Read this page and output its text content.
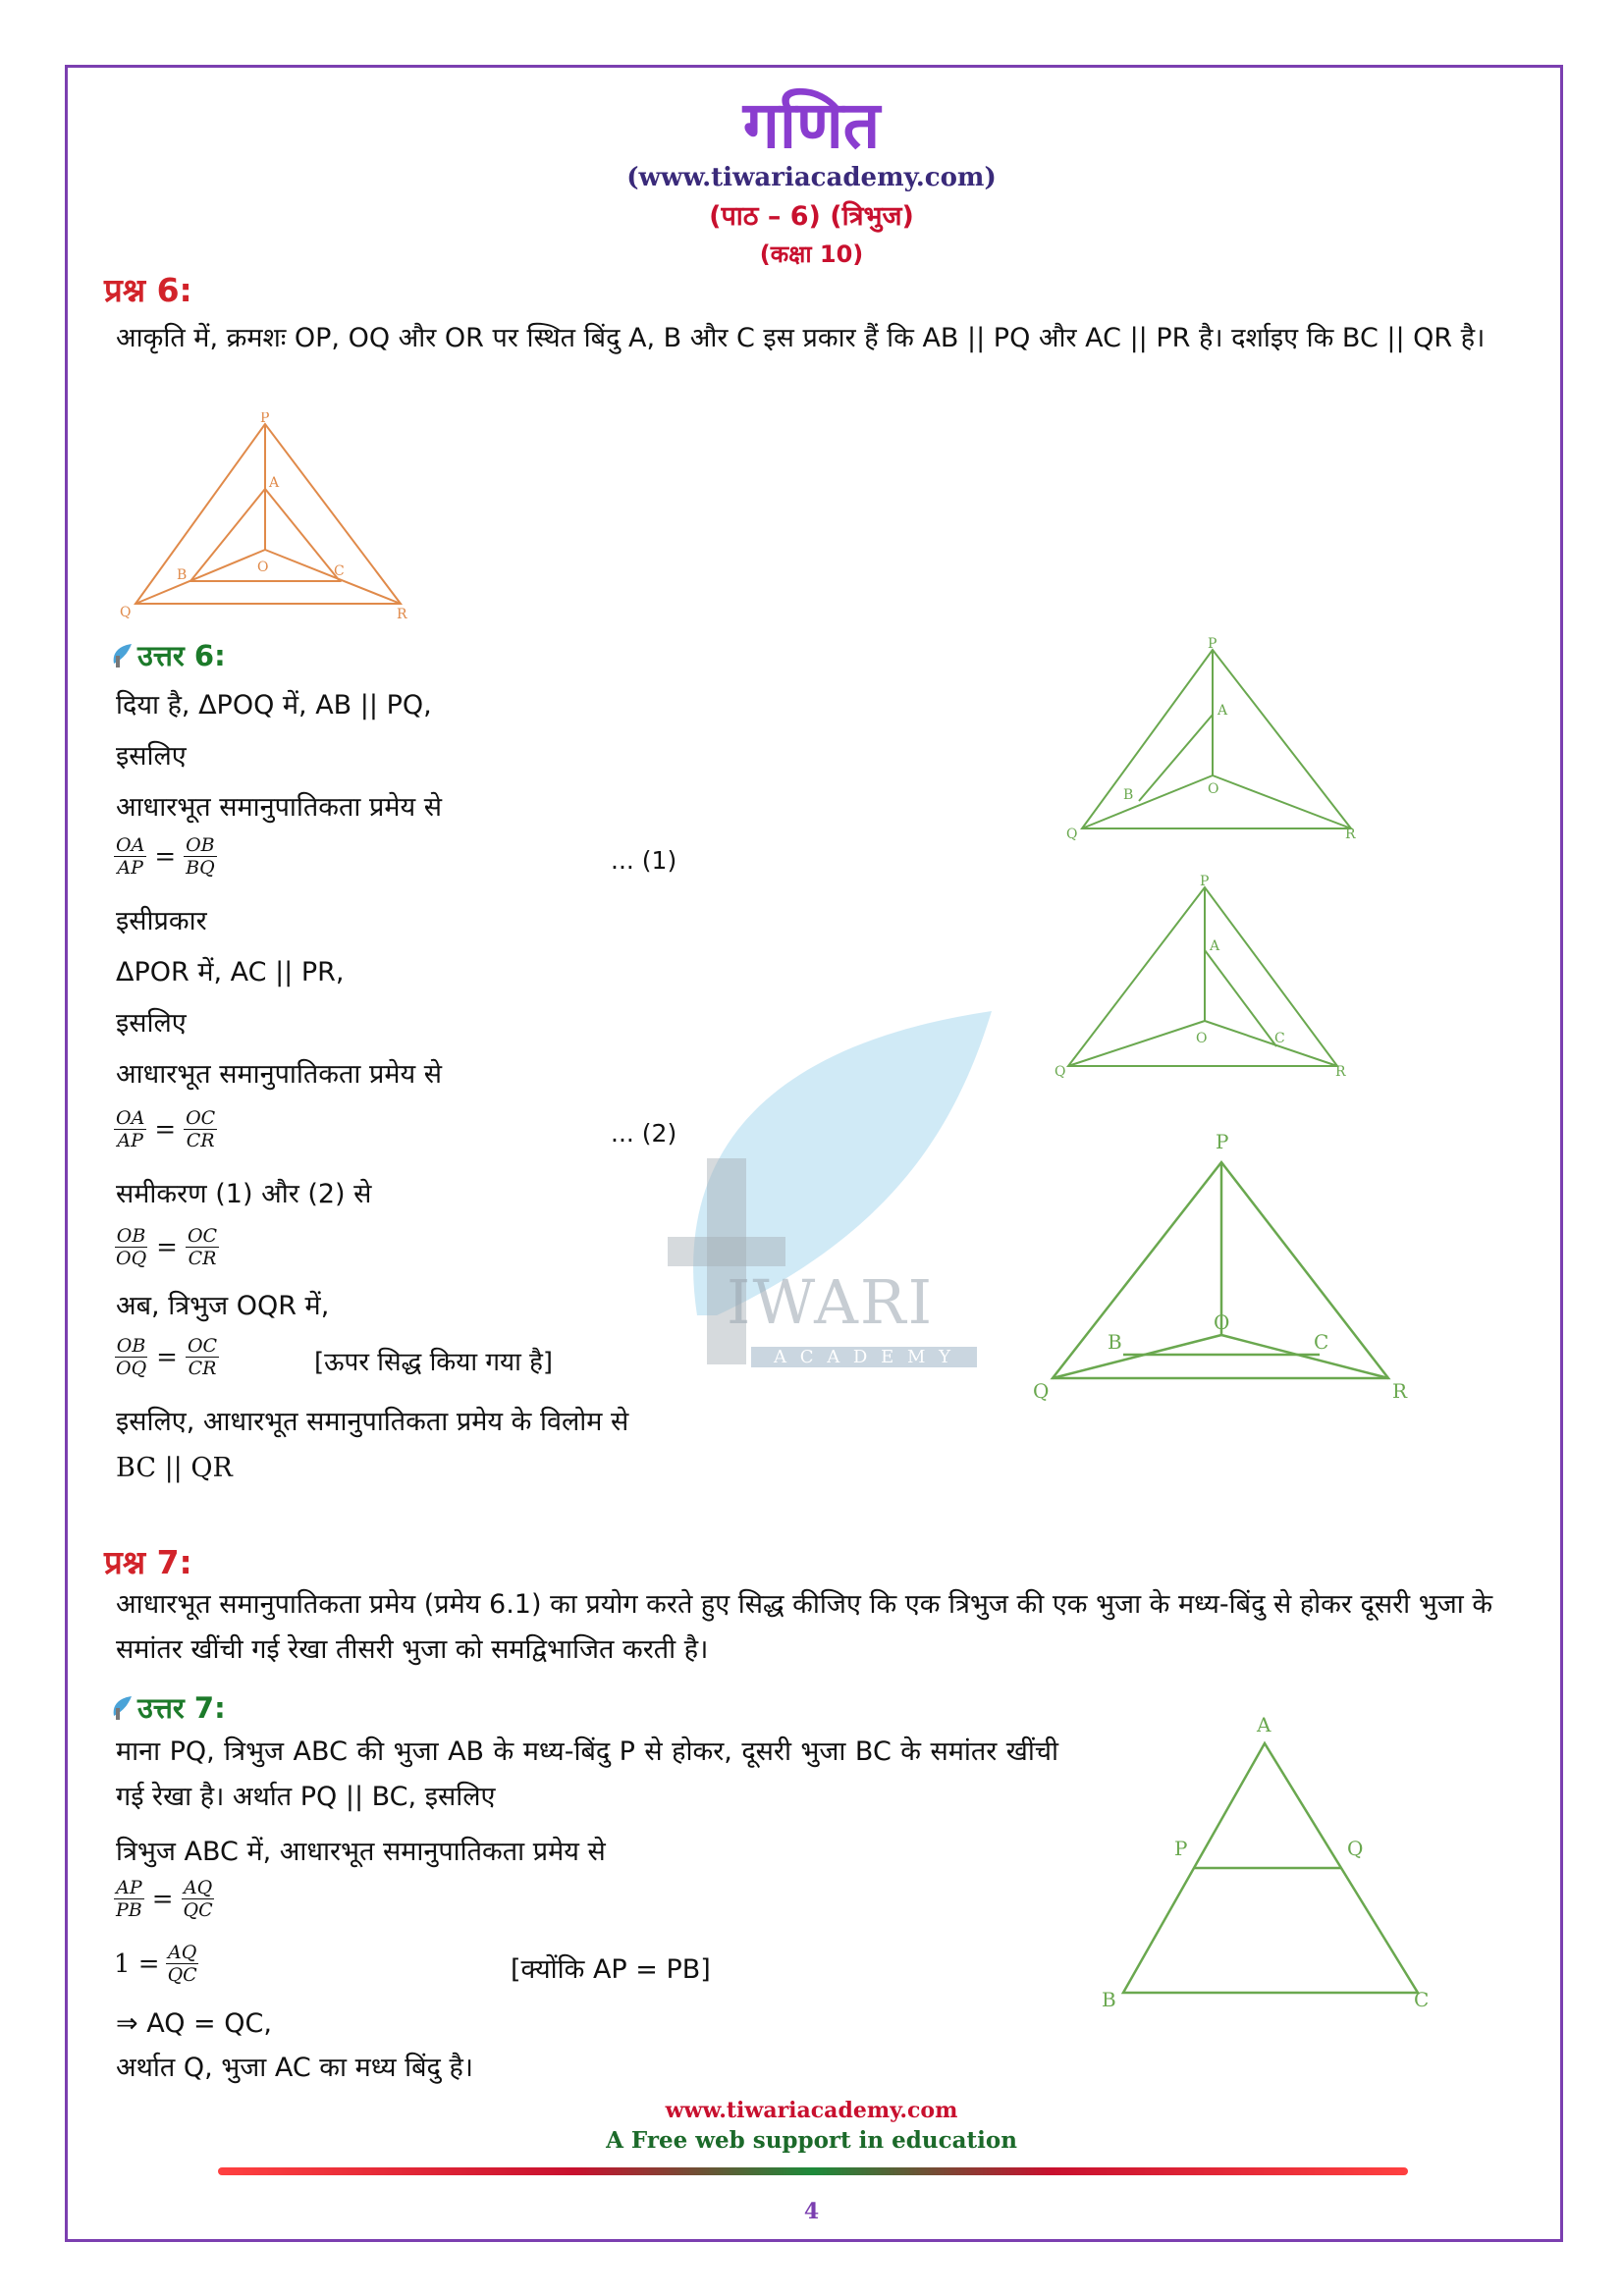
IWARI
A C A D E M Y
गणित
(www.tiwariacademy.com)
(पाठ – 6) (त्रिभुज)
(कक्षा 10)
प्रश्न 6:
आकृति में, क्रमशः OP, OQ और OR पर स्थित बिंदु A, B और C इस प्रकार हैं कि AB || PQ और AC || PR है। दर्शाइए कि BC || QR है।
P
A
B	O	C
Q	R
उत्तर 6:
दिया है, ΔPOQ में, AB || PQ,
इसलिए
आधारभूत समानुपातिकता प्रमेय से
$\frac{OA}{AP} = \frac{OB}{BQ}$	... (1)
इसीप्रकार
ΔPOR में, AC || PR,
इसलिए
आधारभूत समानुपातिकता प्रमेय से
$\frac{OA}{AP} = \frac{OC}{CR}$	... (2)
समीकरण (1) और (2) से
$\frac{OB}{OQ} = \frac{OC}{CR}$
अब, त्रिभुज OQR में,
$\frac{OB}{OQ} = \frac{OC}{CR}$	[ऊपर सिद्ध किया गया है]
इसलिए, आधारभूत समानुपातिकता प्रमेय के विलोम से
BC || QR
P
A
B	O
Q	R
P
A
O	C
Q	R
P
B
O
C
Q	R
प्रश्न 7:
आधारभूत समानुपातिकता प्रमेय (प्रमेय 6.1) का प्रयोग करते हुए सिद्ध कीजिए कि एक त्रिभुज की एक भुजा के मध्य-बिंदु से होकर दूसरी भुजा के समांतर खींची गई रेखा तीसरी भुजा को समद्विभाजित करती है।
उत्तर 7:
माना PQ, त्रिभुज ABC की भुजा AB के मध्य-बिंदु P से होकर, दूसरी भुजा BC के समांतर खींची गई रेखा है। अर्थात PQ || BC, इसलिए
त्रिभुज ABC में, आधारभूत समानुपातिकता प्रमेय से
$\frac{AP}{PB} = \frac{AQ}{QC}$
$1 = \frac{AQ}{QC}$	[क्योंकि AP = PB]
⇒ AQ = QC,
अर्थात Q, भुजा AC का मध्य बिंदु है।
A
P	Q
B	C
www.tiwariacademy.com
A Free web support in education
4
